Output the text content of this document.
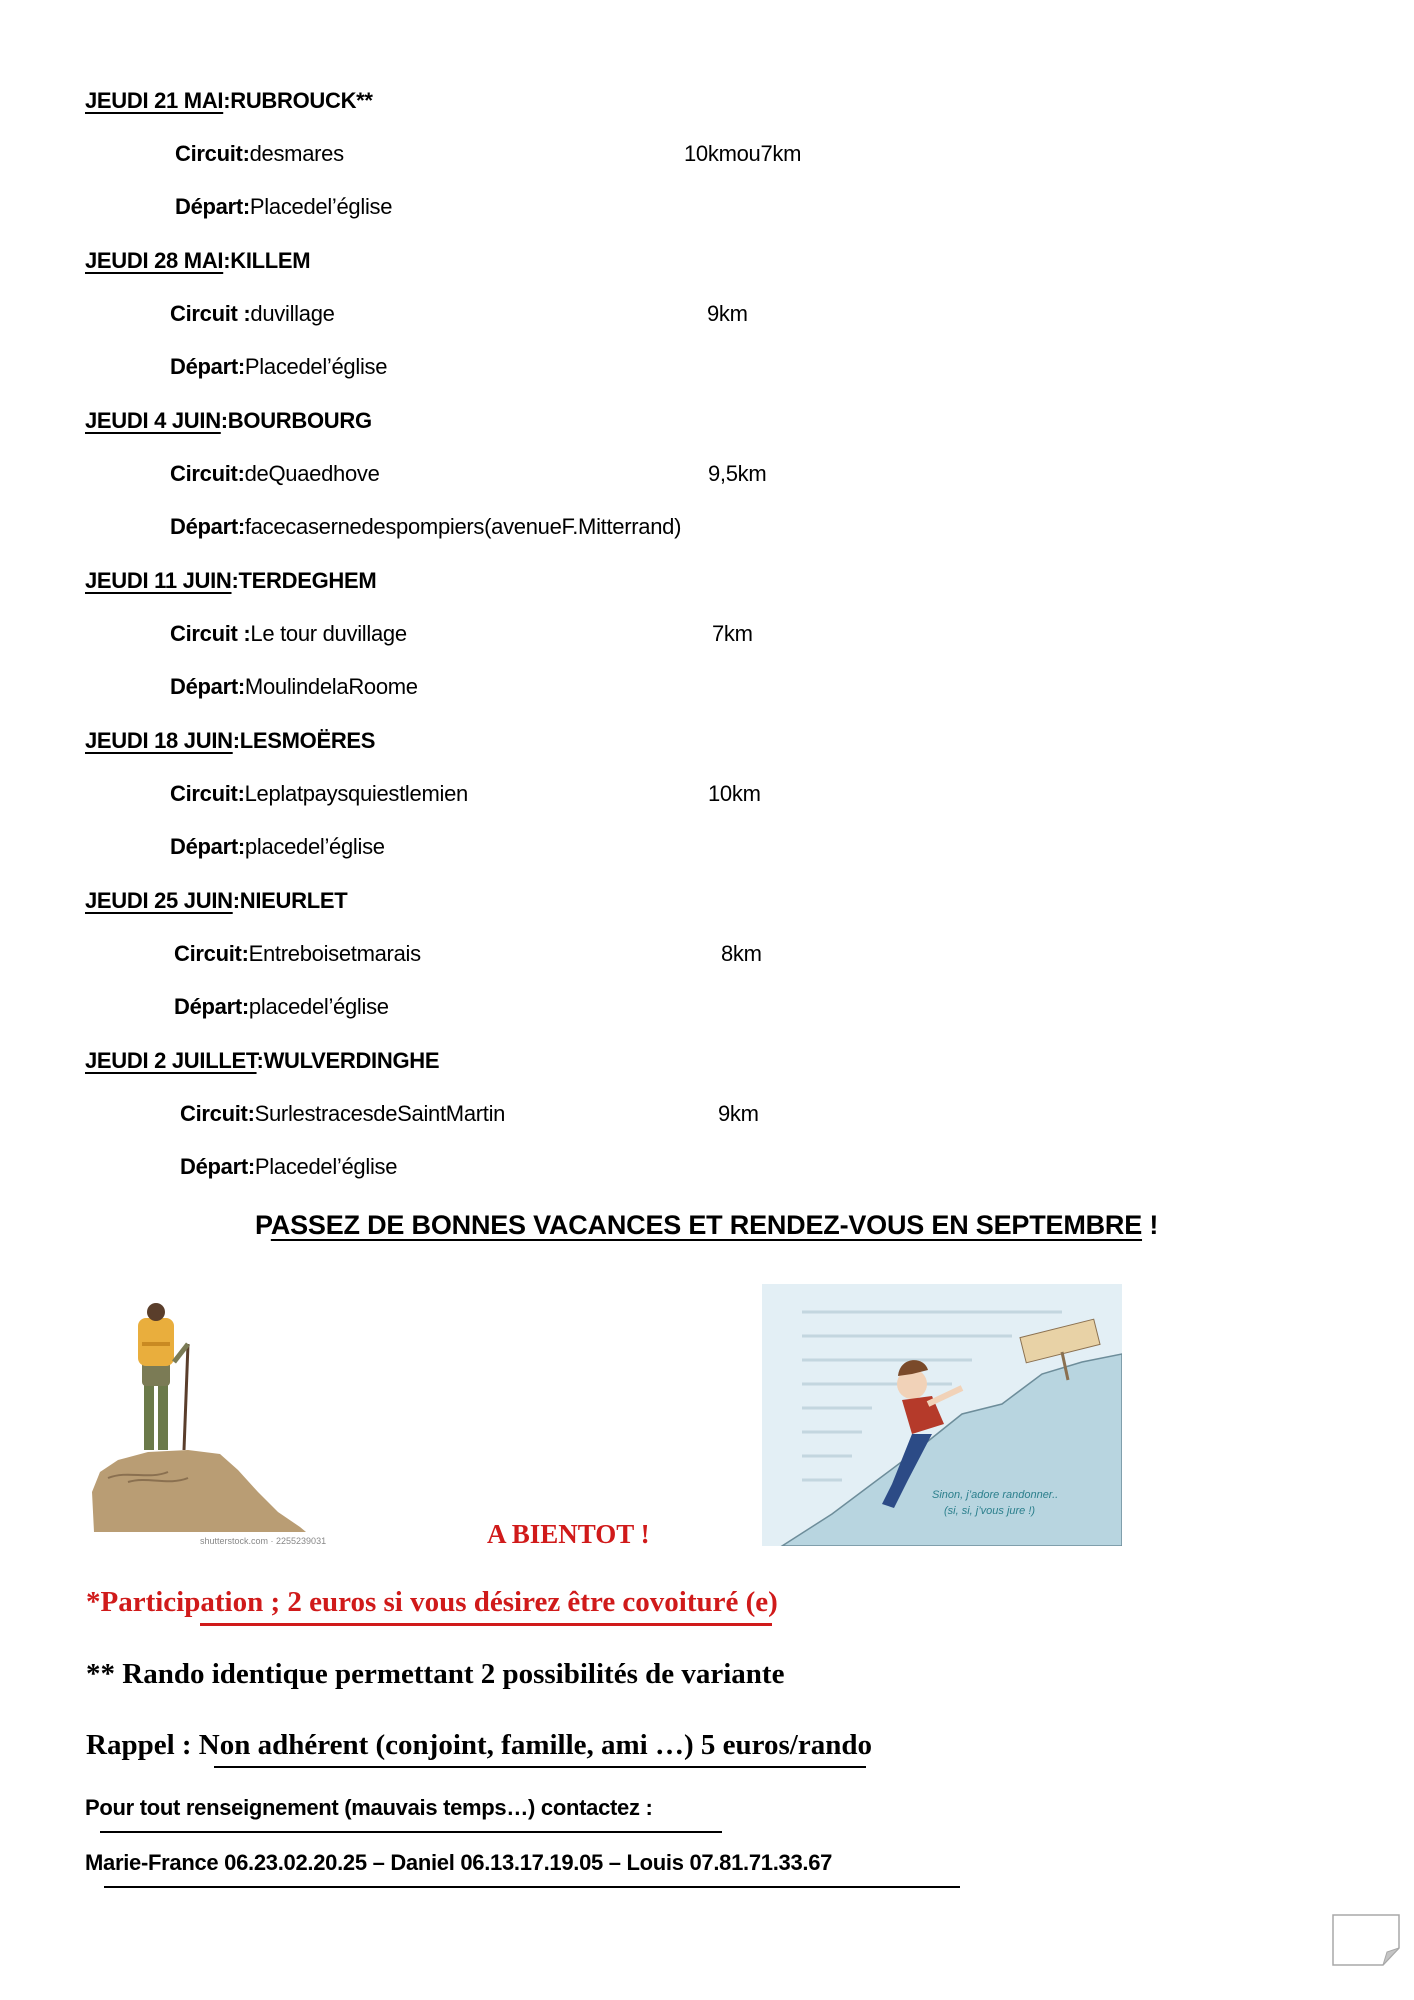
JEUDI 21 MAI:RUBROUCK**
Circuit:desmares	10kmou7km
Départ:Placedel’église
JEUDI 28 MAI:KILLEM
Circuit :duvillage	9km
Départ:Placedel’église
JEUDI 4 JUIN:BOURBOURG
Circuit:deQuaedhove	9,5km
Départ:facecasernedespompiers(avenueF.Mitterrand)
JEUDI 11 JUIN:TERDEGHEM
Circuit :Le tour duvillage	7km
Départ:MoulindelaRoome
JEUDI 18 JUIN:LESMOËRES
Circuit:Leplatpaysquiestlemien	10km
Départ:placedel’église
JEUDI 25 JUIN:NIEURLET
Circuit:Entreboisetmarais	8km
Départ:placedel’église
JEUDI 2 JUILLET:WULVERDINGHE
Circuit:SurlestracesdeSaintMartin	9km
Départ:Placedel’église
PASSEZ DE BONNES VACANCES ET RENDEZ-VOUS EN SEPTEMBRE !
shutterstock.com · 2255239031	A BIENTOT !
Sinon, j’adore randonner..
(si, si, j’vous jure !)
*Participation ; 2 euros si vous désirez être covoituré (e)
** Rando identique permettant 2 possibilités de variante
Rappel : Non adhérent (conjoint, famille, ami …) 5 euros/rando
Pour tout renseignement (mauvais temps…) contactez :
Marie-France 06.23.02.20.25 – Daniel 06.13.17.19.05 – Louis 07.81.71.33.67
